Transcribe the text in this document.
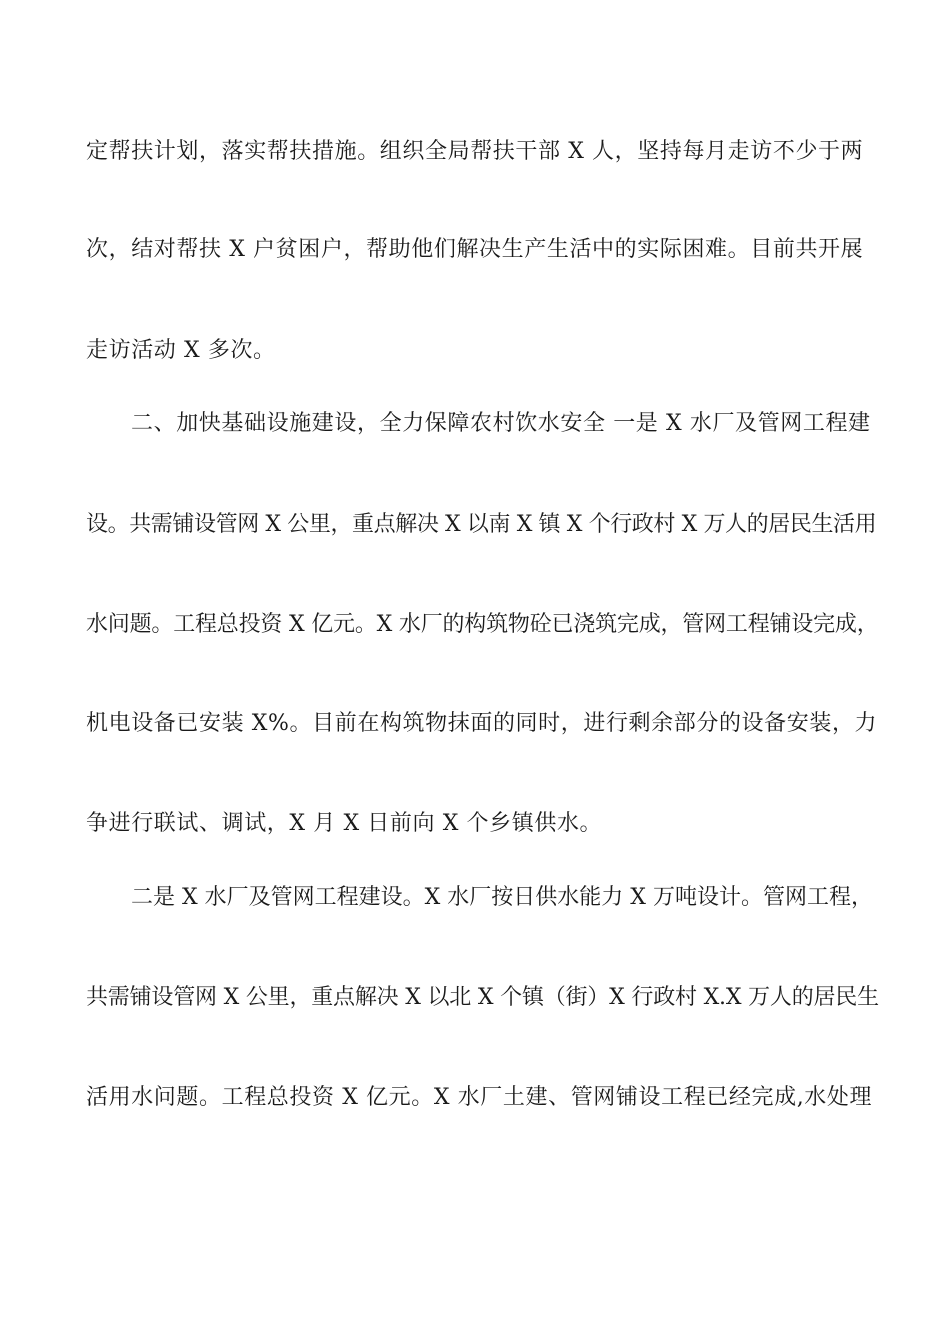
定帮扶计划，落实帮扶措施。组织全局帮扶干部 X 人，坚持每月走访不少于两
次，结对帮扶 X 户贫困户，帮助他们解决生产生活中的实际困难。目前共开展
走访活动 X 多次。
二、加快基础设施建设，全力保障农村饮水安全 一是 X 水厂及管网工程建
设。共需铺设管网 X 公里，重点解决 X 以南 X 镇 X 个行政村 X 万人的居民生活用
水问题。工程总投资 X 亿元。X 水厂的构筑物砼已浇筑完成，管网工程铺设完成，
机电设备已安装 X%。目前在构筑物抹面的同时，进行剩余部分的设备安装，力
争进行联试、调试，X 月 X 日前向 X 个乡镇供水。
二是 X 水厂及管网工程建设。X 水厂按日供水能力 X 万吨设计。管网工程，
共需铺设管网 X 公里，重点解决 X 以北 X 个镇（街）X 行政村 X.X 万人的居民生
活用水问题。工程总投资 X 亿元。X 水厂土建、管网铺设工程已经完成,水处理
